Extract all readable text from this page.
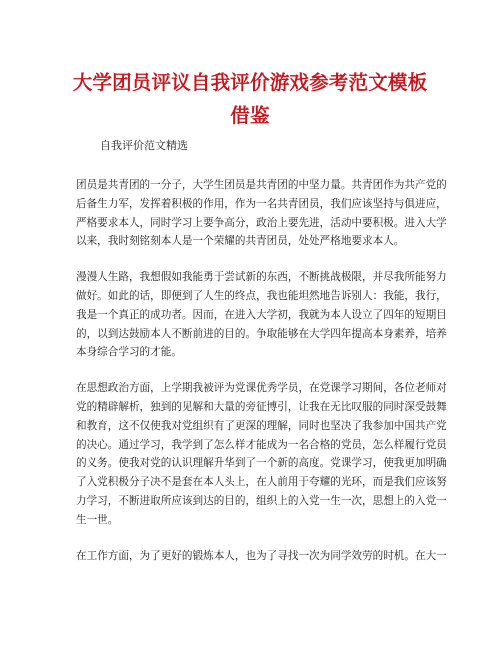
大学团员评议自我评价游戏参考范文模板
借鉴
自我评价范文精选
团员是共青团的一分子，大学生团员是共青团的中坚力量。共青团作为共产党的
后备生力军，发挥着积极的作用，作为一名共青团员，我们应该坚持与俱进应，
严格要求本人，同时学习上要争高分，政治上要先进，活动中要积极。进入大学
以来，我时刻铭刻本人是一个荣耀的共青团员，处处严格地要求本人。
漫漫人生路，我想假如我能勇于尝试新的东西，不断挑战极限，并尽我所能努力
做好。如此的话，即便到了人生的终点，我也能坦然地告诉别人：我能，我行，
我是一个真正的成功者。因而，在进入大学初，我就为本人设立了四年的短期目
的，以到达鼓励本人不断前进的目的。争取能够在大学四年提高本身素养，培养
本身综合学习的才能。
在思想政治方面，上学期我被评为党课优秀学员，在党课学习期间，各位老师对
党的精辟解析，独到的见解和大量的旁征博引，让我在无比叹服的同时深受鼓舞
和教育，这不仅使我对党组织有了更深的理解，同时也坚决了我参加中国共产党
的决心。通过学习，我学到了怎么样才能成为一名合格的党员，怎么样履行党员
的义务。使我对党的认识理解升华到了一个新的高度。党课学习，使我更加明确
了入党积极分子决不是套在本人头上，在人前用于夸耀的光环，而是我们应该努
力学习，不断进取所应该到达的目的，组织上的入党一生一次，思想上的入党一
生一世。
在工作方面，为了更好的锻炼本人，也为了寻找一次为同学效劳的时机。在大一
